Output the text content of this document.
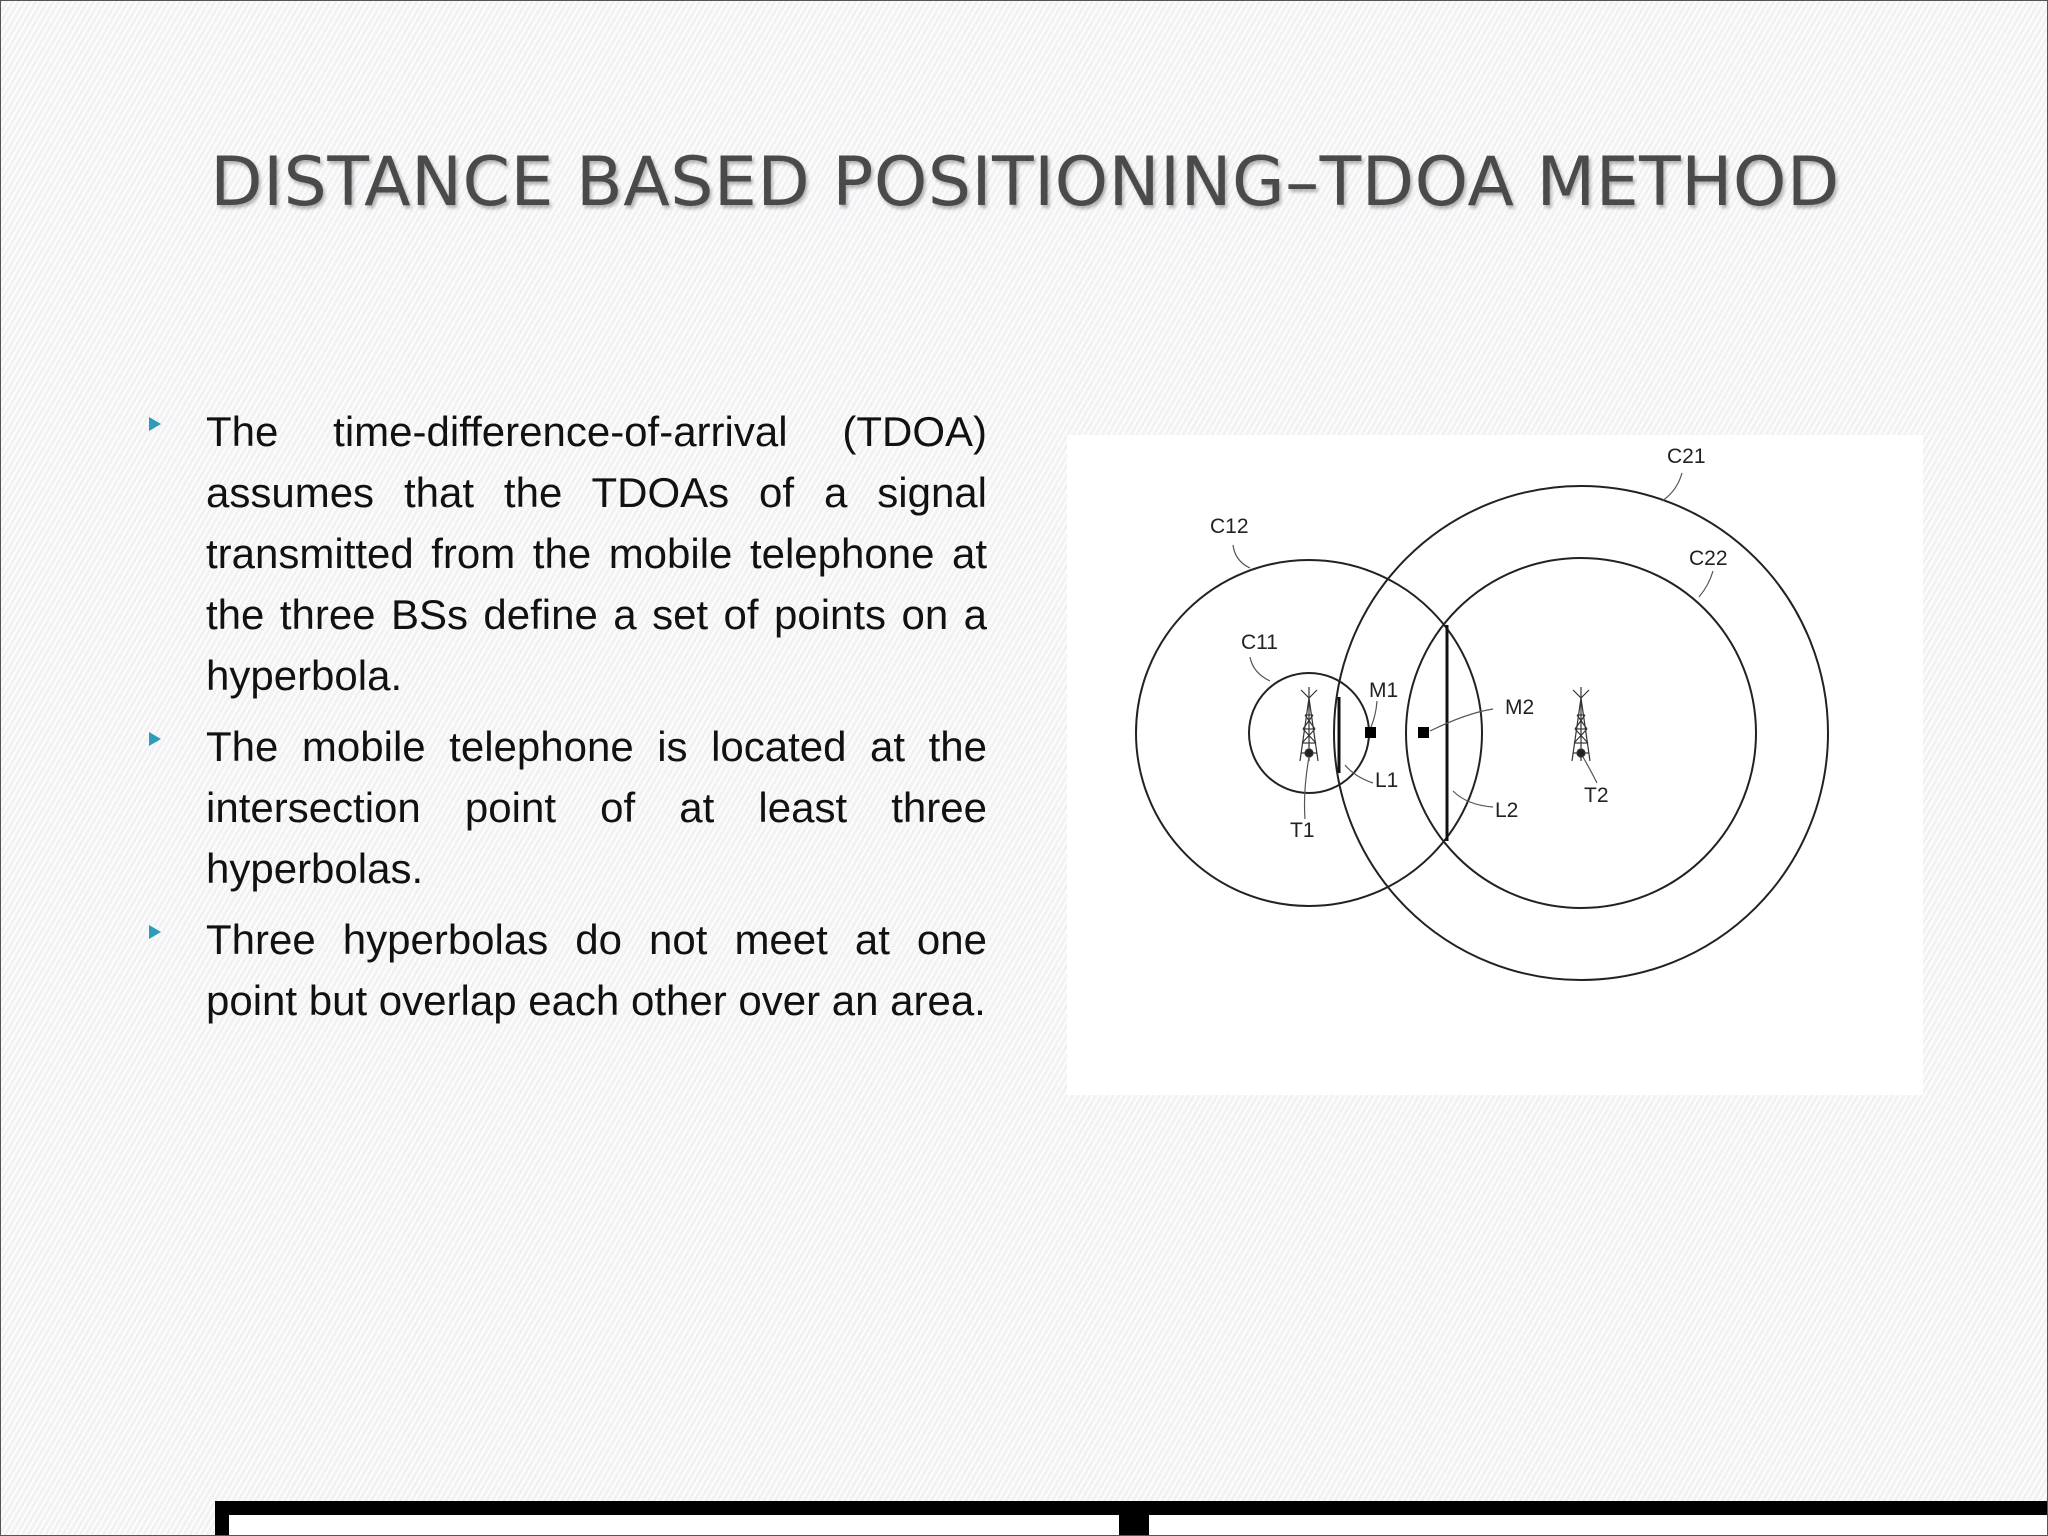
DISTANCE BASED POSITIONING–TDOA METHOD
The time-difference-of-arrival (TDOA) assumes that the TDOAs of a signal transmitted from the mobile telephone at the three BSs define a set of points on a hyperbola.
The mobile telephone is located at the intersection point of at least three hyperbolas.
Three hyperbolas do not meet at one point but overlap each other over an area.
C21
C12
C22
C11
M1
M2
L1
L2
T1
T2
